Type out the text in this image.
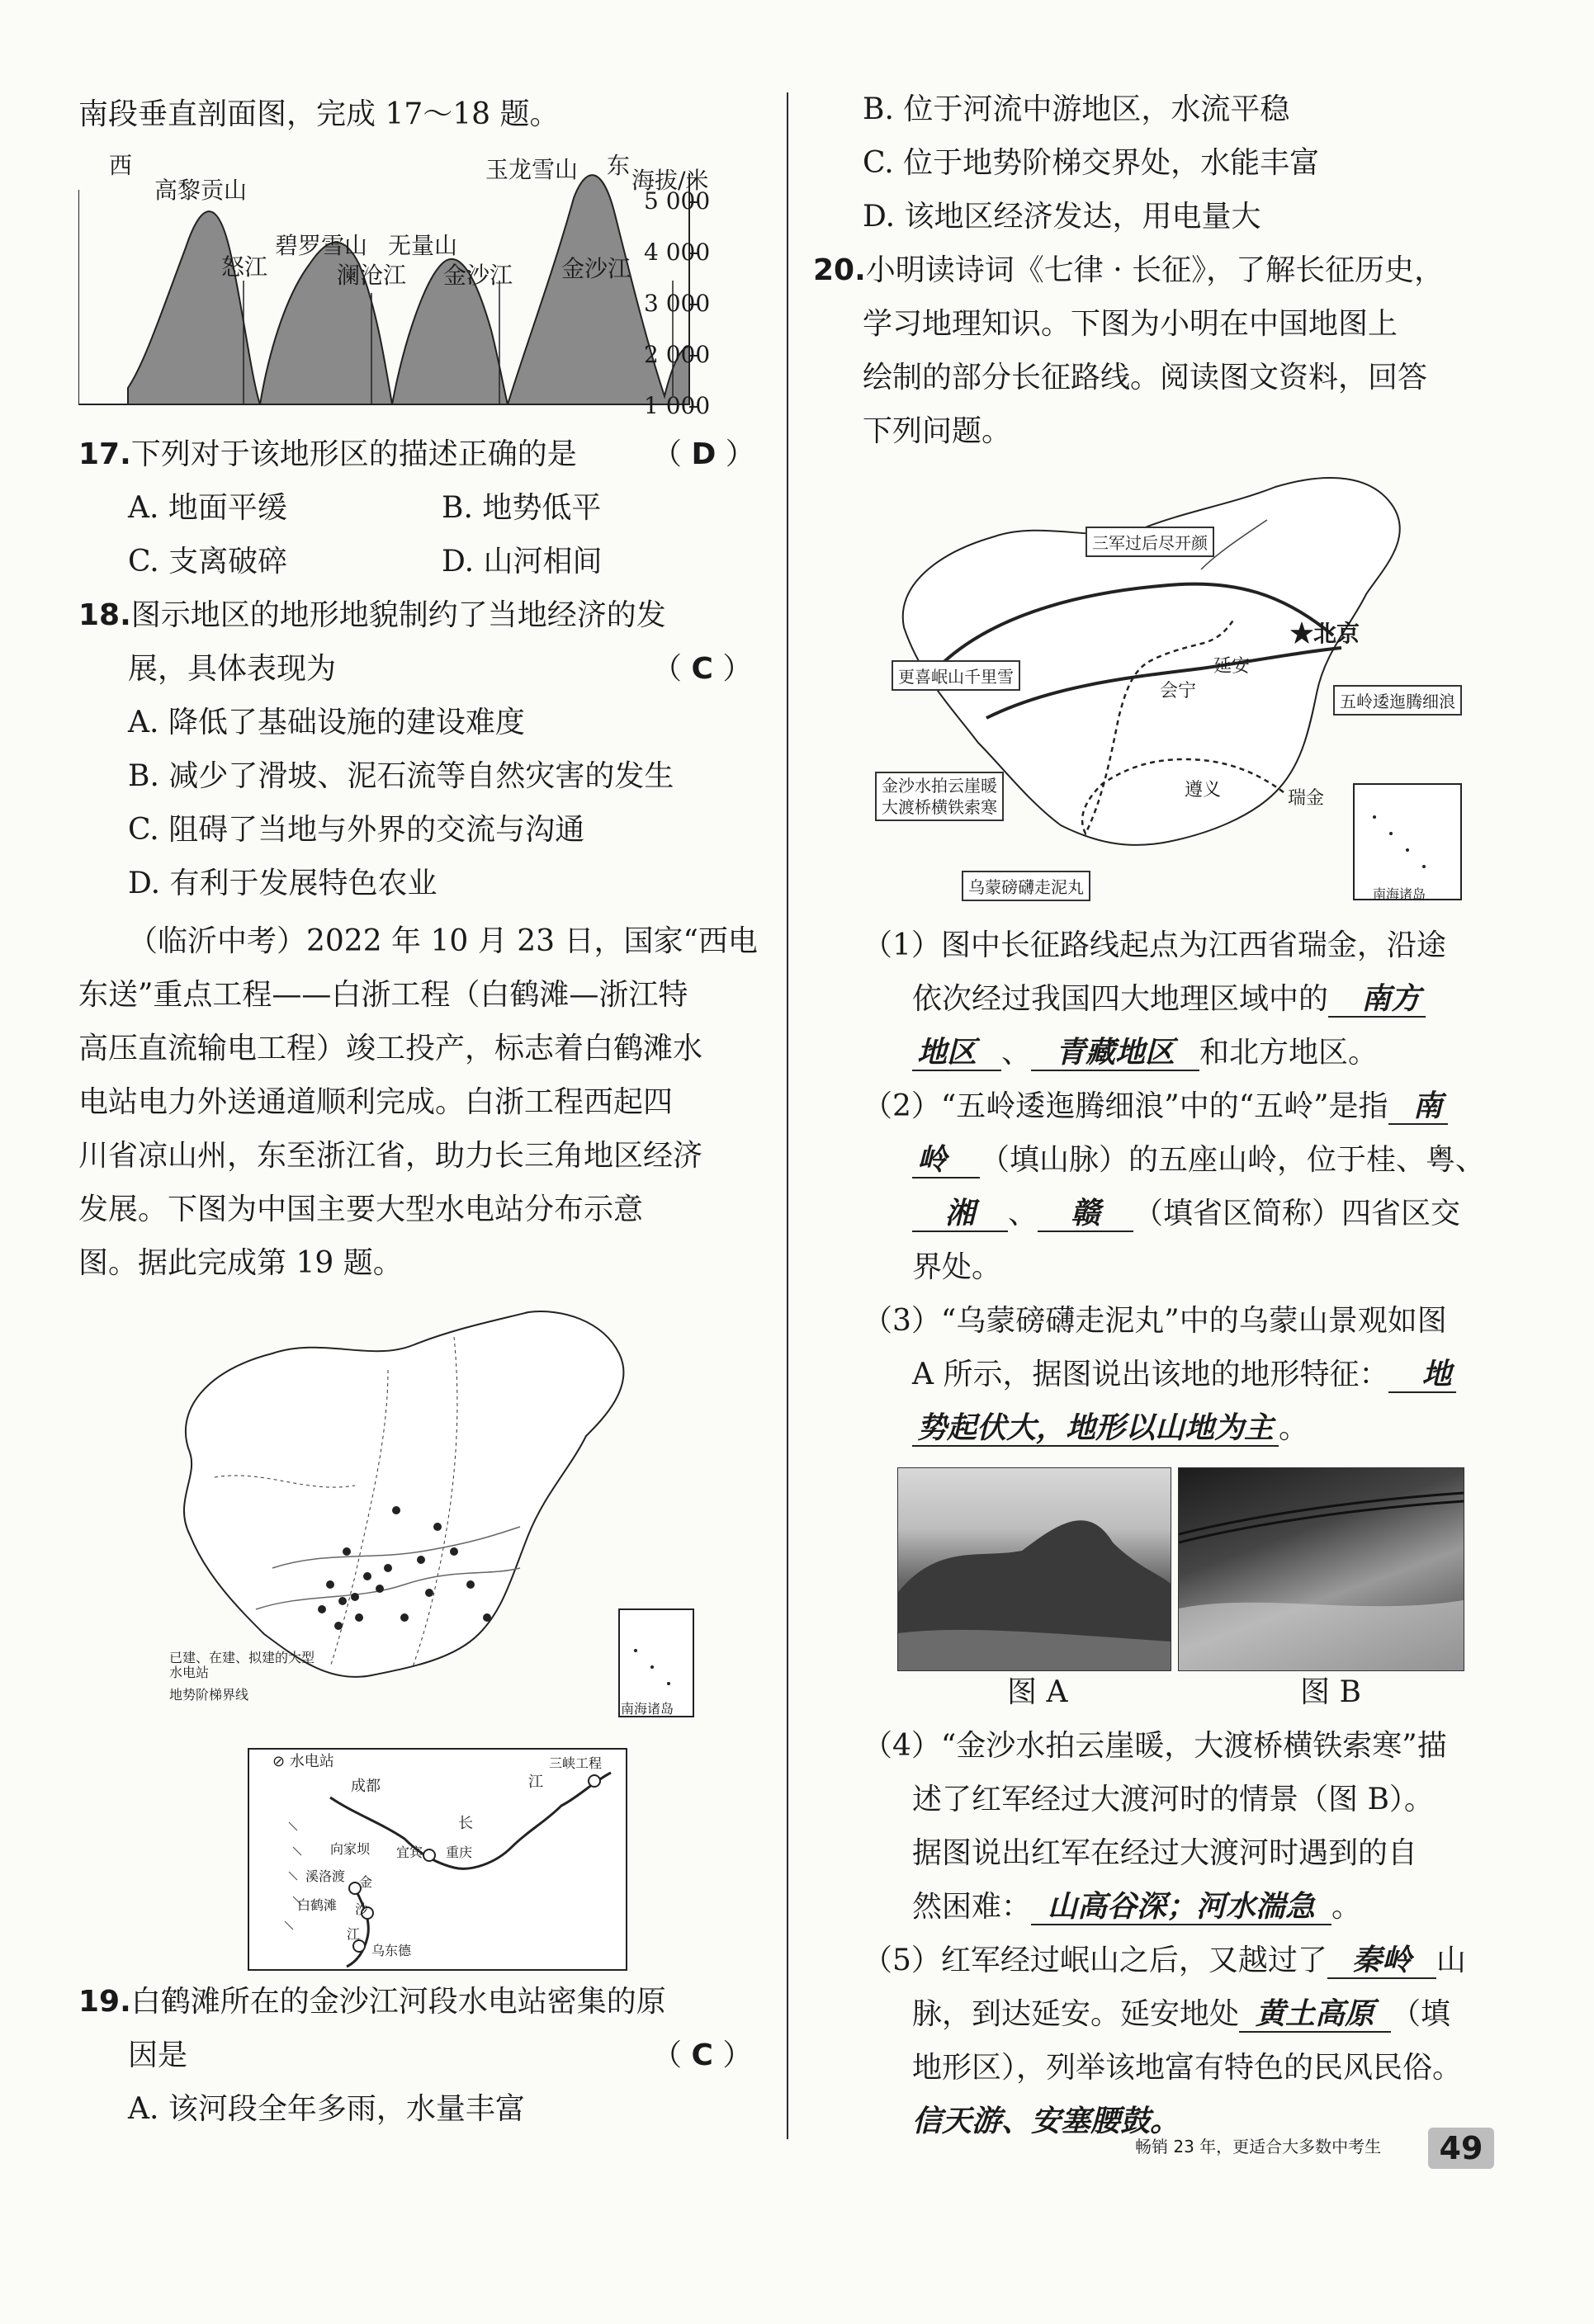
南段垂直剖面图，完成 17～18 题。
西	东
海拔/米
5 000
4 000
3 000
2 000
1 000
高黎贡山
碧罗雪山 无量山
玉龙雪山
怒江	澜沧江 金沙江 金沙江
17.下列对于该地形区的描述正确的是	（ D ）
A. 地面平缓	B. 地势低平
C. 支离破碎	D. 山河相间
18.图示地区的地形地貌制约了当地经济的发
展，具体表现为	（ C ）
A. 降低了基础设施的建设难度
B. 减少了滑坡、泥石流等自然灾害的发生
C. 阻碍了当地与外界的交流与沟通
D. 有利于发展特色农业
（临沂中考）2022 年 10 月 23 日，国家“西电
东送”重点工程——白浙工程（白鹤滩—浙江特
高压直流输电工程）竣工投产，标志着白鹤滩水
电站电力外送通道顺利完成。白浙工程西起四
川省凉山州，东至浙江省，助力长三角地区经济
发展。下图为中国主要大型水电站分布示意
图。据此完成第 19 题。
已建、在建、拟建的大型水电站
地势阶梯界线
南海诸岛
⊘ 水电站
成都
三峡工程
江
长
向家坝 宜宾 重庆
溪洛渡 金
白鹤滩 沙
江
乌东德
19.白鹤滩所在的金沙江河段水电站密集的原
因是	（ C ）
A. 该河段全年多雨，水量丰富
B. 位于河流中游地区，水流平稳
C. 位于地势阶梯交界处，水能丰富
D. 该地区经济发达，用电量大
20.小明读诗词《七律 · 长征》，了解长征历史，
学习地理知识。下图为小明在中国地图上
绘制的部分长征路线。阅读图文资料，回答
下列问题。
三军过后尽开颜
更喜岷山千里雪
五岭逶迤腾细浪
金沙水拍云崖暖
大渡桥横铁索寒
乌蒙磅礴走泥丸
★北京
延安
会宁
遵义	瑞金
南海诸岛
（1）图中长征路线起点为江西省瑞金，沿途
依次经过我国四大地理区域中的 南方
地区 、 青藏地区 和北方地区。
（2）“五岭逶迤腾细浪”中的“五岭”是指 南
岭 （填山脉）的五座山岭，位于桂、粤、
湘 、 赣 （填省区简称）四省区交
界处。
（3）“乌蒙磅礴走泥丸”中的乌蒙山景观如图
A 所示，据图说出该地的地形特征： 地
势起伏大，地形以山地为主 。
图 A	图 B
（4）“金沙水拍云崖暖，大渡桥横铁索寒”描
述了红军经过大渡河时的情景（图 B）。
据图说出红军在经过大渡河时遇到的自
然困难： 山高谷深；河水湍急 。
（5）红军经过岷山之后，又越过了 秦岭 山
脉，到达延安。延安地处 黄土高原 （填
地形区），列举该地富有特色的民风民俗。
信天游、安塞腰鼓。
畅销 23 年，更适合大多数中考生	49
